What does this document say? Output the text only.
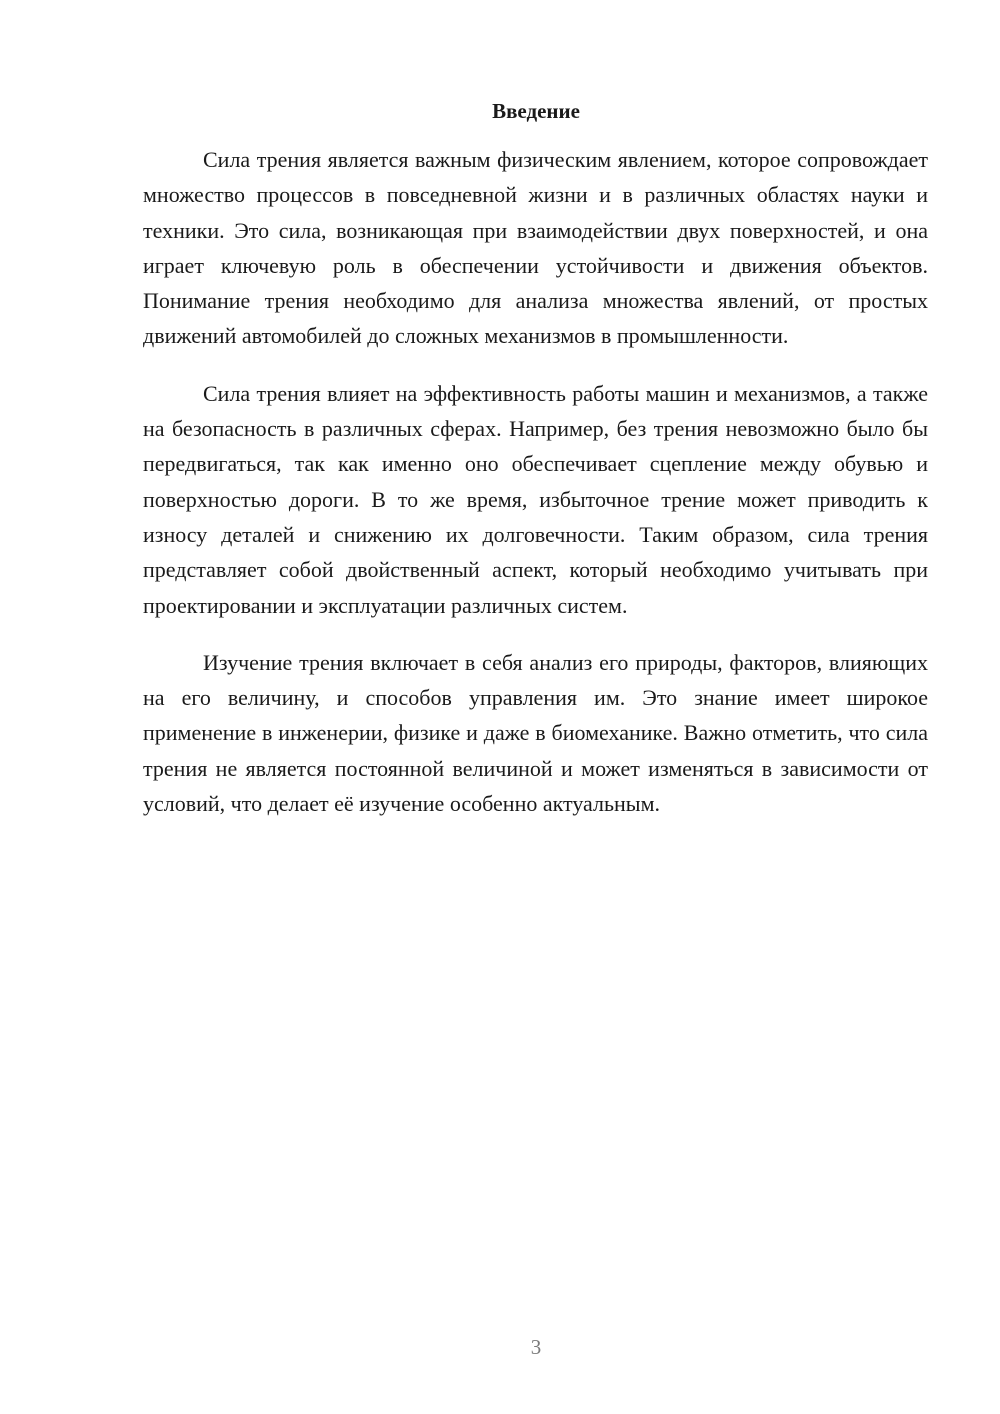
Введение

Сила трения является важным физическим явлением, которое сопровождает множество процессов в повседневной жизни и в различных областях науки и техники. Это сила, возникающая при взаимодействии двух поверхностей, и она играет ключевую роль в обеспечении устойчивости и движения объектов. Понимание трения необходимо для анализа множества явлений, от простых движений автомобилей до сложных механизмов в промышленности.

Сила трения влияет на эффективность работы машин и механизмов, а также на безопасность в различных сферах. Например, без трения невозможно было бы передвигаться, так как именно оно обеспечивает сцепление между обувью и поверхностью дороги. В то же время, избыточное трение может приводить к износу деталей и снижению их долговечности. Таким образом, сила трения представляет собой двойственный аспект, который необходимо учитывать при проектировании и эксплуатации различных систем.

Изучение трения включает в себя анализ его природы, факторов, влияющих на его величину, и способов управления им. Это знание имеет широкое применение в инженерии, физике и даже в биомеханике. Важно отметить, что сила трения не является постоянной величиной и может изменяться в зависимости от условий, что делает её изучение особенно актуальным.

3
